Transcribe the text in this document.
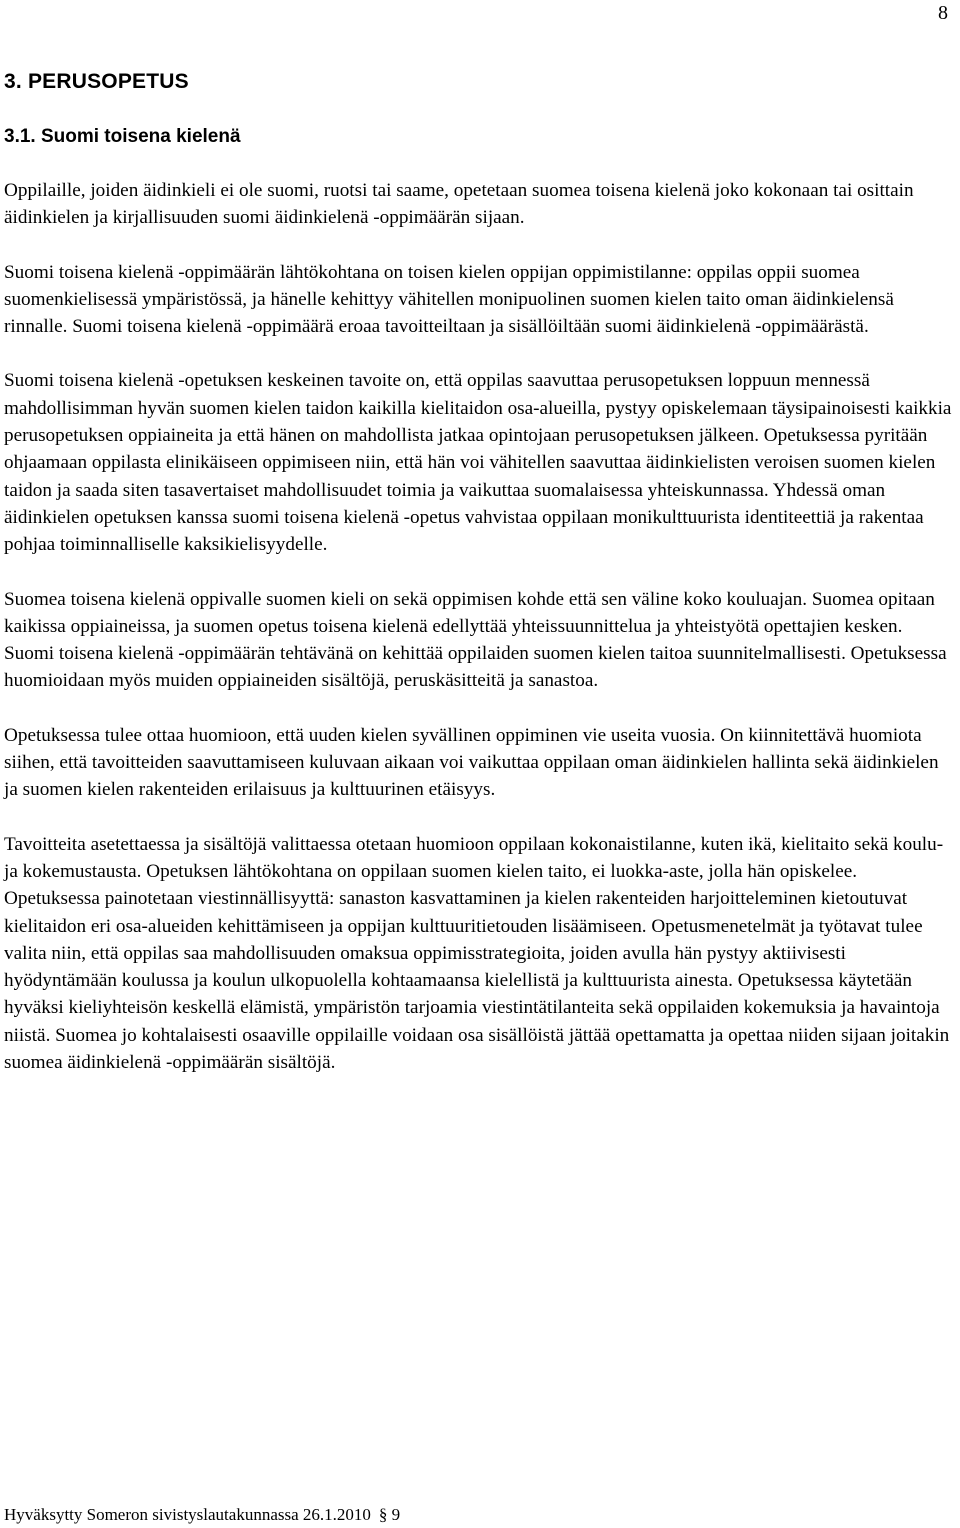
8
3. PERUSOPETUS
3.1. Suomi toisena kielenä

Oppilaille, joiden äidinkieli ei ole suomi, ruotsi tai saame, opetetaan suomea toisena kielenä joko kokonaan tai osittain äidinkielen ja kirjallisuuden suomi äidinkielenä -oppimäärän sijaan.

Suomi toisena kielenä -oppimäärän lähtökohtana on toisen kielen oppijan oppimistilanne: oppilas oppii suomea suomenkielisessä ympäristössä, ja hänelle kehittyy vähitellen monipuolinen suomen kielen taito oman äidinkielensä rinnalle. Suomi toisena kielenä -oppimäärä eroaa tavoitteiltaan ja sisällöiltään suomi äidinkielenä -oppimäärästä.

Suomi toisena kielenä -opetuksen keskeinen tavoite on, että oppilas saavuttaa perusopetuksen loppuun mennessä mahdollisimman hyvän suomen kielen taidon kaikilla kielitaidon osa-alueilla, pystyy opiskelemaan täysipainoisesti kaikkia perusopetuksen oppiaineita ja että hänen on mahdollista jatkaa opintojaan perusopetuksen jälkeen. Opetuksessa pyritään ohjaamaan oppilasta elinikäiseen oppimiseen niin, että hän voi vähitellen saavuttaa äidinkielisten veroisen suomen kielen taidon ja saada siten tasavertaiset mahdollisuudet toimia ja vaikuttaa suomalaisessa yhteiskunnassa. Yhdessä oman äidinkielen opetuksen kanssa suomi toisena kielenä -opetus vahvistaa oppilaan monikulttuurista identiteettiä ja rakentaa pohjaa toiminnalliselle kaksikielisyydelle.

Suomea toisena kielenä oppivalle suomen kieli on sekä oppimisen kohde että sen väline koko kouluajan. Suomea opitaan kaikissa oppiaineissa, ja suomen opetus toisena kielenä edellyttää yhteissuunnittelua ja yhteistyötä opettajien kesken. Suomi toisena kielenä -oppimäärän tehtävänä on kehittää oppilaiden suomen kielen taitoa suunnitelmallisesti. Opetuksessa huomioidaan myös muiden oppiaineiden sisältöjä, peruskäsitteitä ja sanastoa.

Opetuksessa tulee ottaa huomioon, että uuden kielen syvällinen oppiminen vie useita vuosia. On kiinnitettävä huomiota siihen, että tavoitteiden saavuttamiseen kuluvaan aikaan voi vaikuttaa oppilaan oman äidinkielen hallinta sekä äidinkielen ja suomen kielen rakenteiden erilaisuus ja kulttuurinen etäisyys.

Tavoitteita asetettaessa ja sisältöjä valittaessa otetaan huomioon oppilaan kokonaistilanne, kuten ikä, kielitaito sekä koulu- ja kokemustausta. Opetuksen lähtökohtana on oppilaan suomen kielen taito, ei luokka-aste, jolla hän opiskelee. Opetuksessa painotetaan viestinnällisyyttä: sanaston kasvattaminen ja kielen rakenteiden harjoitteleminen kietoutuvat kielitaidon eri osa-alueiden kehittämiseen ja oppijan kulttuuritietouden lisäämiseen. Opetusmenetelmät ja työtavat tulee valita niin, että oppilas saa mahdollisuuden omaksua oppimisstrategioita, joiden avulla hän pystyy aktiivisesti hyödyntämään koulussa ja koulun ulkopuolella kohtaamaansa kielellistä ja kulttuurista ainesta. Opetuksessa käytetään hyväksi kieliyhteisön keskellä elämistä, ympäristön tarjoamia viestintätilanteita sekä oppilaiden kokemuksia ja havaintoja niistä. Suomea jo kohtalaisesti osaaville oppilaille voidaan osa sisällöistä jättää opettamatta ja opettaa niiden sijaan joitakin suomea äidinkielenä -oppimäärän sisältöjä.

Hyväksytty Someron sivistyslautakunnassa 26.1.2010 § 9
